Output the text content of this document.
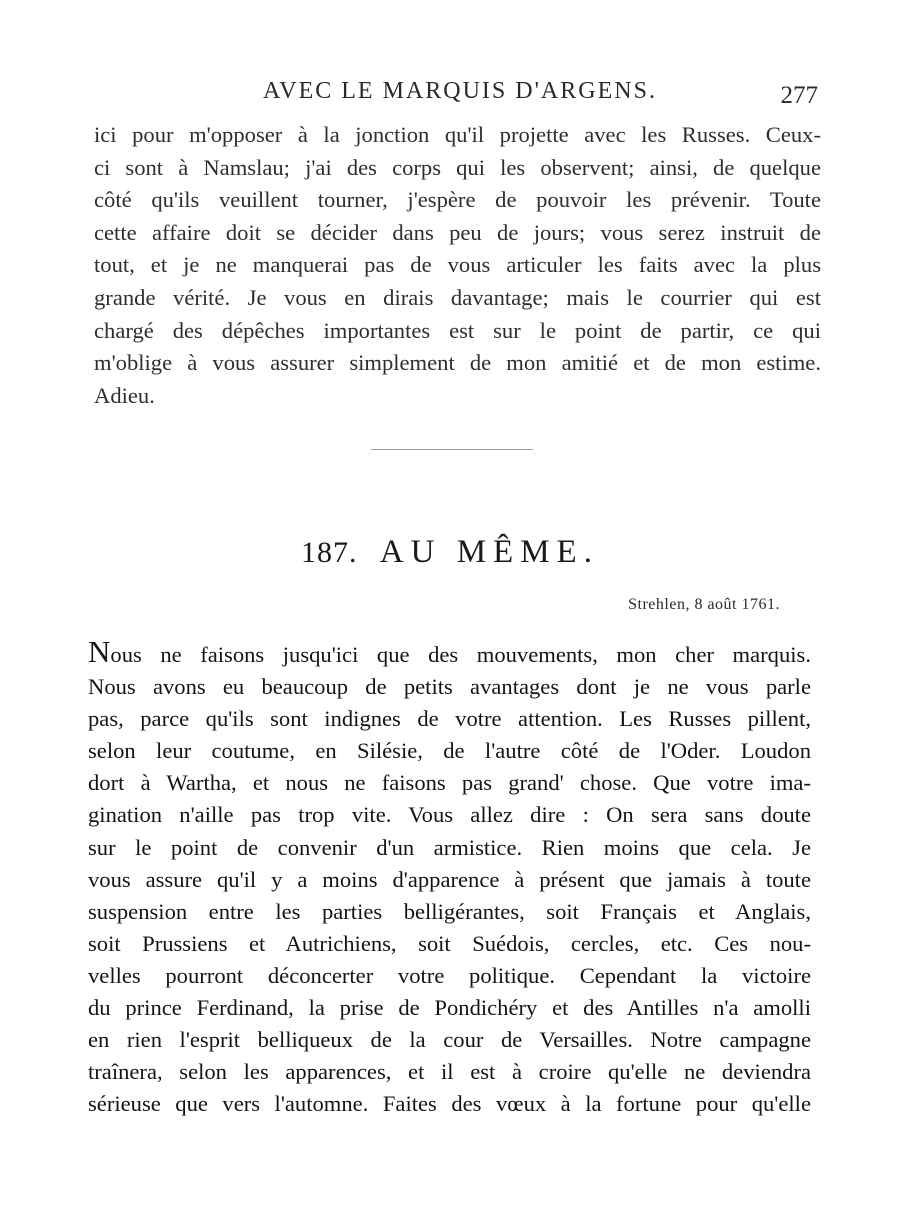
AVEC LE MARQUIS D'ARGENS.	277
ici pour m'opposer à la jonction qu'il projette avec les Russes. Ceux-
ci sont à Namslau; j'ai des corps qui les observent; ainsi, de quelque
côté qu'ils veuillent tourner, j'espère de pouvoir les prévenir. Toute
cette affaire doit se décider dans peu de jours; vous serez instruit de
tout, et je ne manquerai pas de vous articuler les faits avec la plus
grande vérité. Je vous en dirais davantage; mais le courrier qui est
chargé des dépêches importantes est sur le point de partir, ce qui
m'oblige à vous assurer simplement de mon amitié et de mon estime.
Adieu.
187. AU MÊME.
Strehlen, 8 août 1761.
Nous ne faisons jusqu'ici que des mouvements, mon cher marquis.
Nous avons eu beaucoup de petits avantages dont je ne vous parle
pas, parce qu'ils sont indignes de votre attention. Les Russes pillent,
selon leur coutume, en Silésie, de l'autre côté de l'Oder. Loudon
dort à Wartha, et nous ne faisons pas grand' chose. Que votre ima-
gination n'aille pas trop vite. Vous allez dire : On sera sans doute
sur le point de convenir d'un armistice. Rien moins que cela. Je
vous assure qu'il y a moins d'apparence à présent que jamais à toute
suspension entre les parties belligérantes, soit Français et Anglais,
soit Prussiens et Autrichiens, soit Suédois, cercles, etc. Ces nou-
velles pourront déconcerter votre politique. Cependant la victoire
du prince Ferdinand, la prise de Pondichéry et des Antilles n'a amolli
en rien l'esprit belliqueux de la cour de Versailles. Notre campagne
traînera, selon les apparences, et il est à croire qu'elle ne deviendra
sérieuse que vers l'automne. Faites des vœux à la fortune pour qu'elle
